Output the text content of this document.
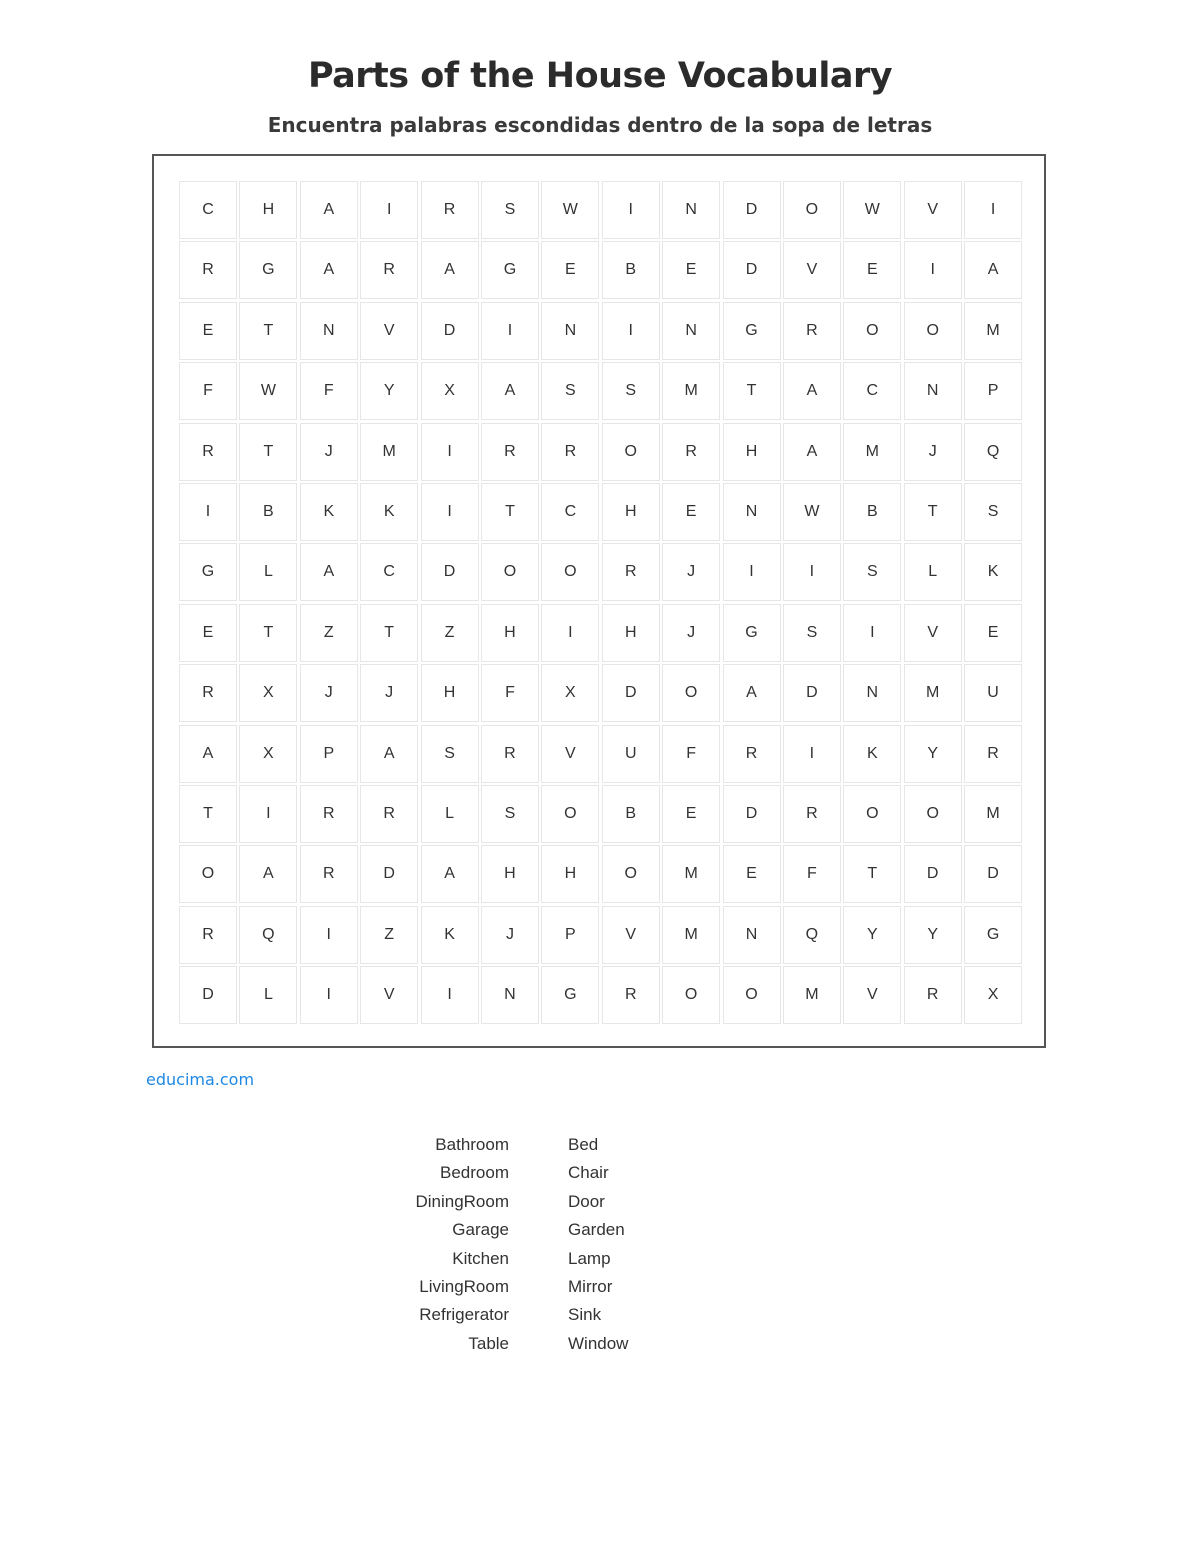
Parts of the House Vocabulary
Encuentra palabras escondidas dentro de la sopa de letras
C	H	A	I	R	S	W	I	N	D	O	W	V	I
R	G	A	R	A	G	E	B	E	D	V	E	I	A
E	T	N	V	D	I	N	I	N	G	R	O	O	M
F	W	F	Y	X	A	S	S	M	T	A	C	N	P
R	T	J	M	I	R	R	O	R	H	A	M	J	Q
I	B	K	K	I	T	C	H	E	N	W	B	T	S
G	L	A	C	D	O	O	R	J	I	I	S	L	K
E	T	Z	T	Z	H	I	H	J	G	S	I	V	E
R	X	J	J	H	F	X	D	O	A	D	N	M	U
A	X	P	A	S	R	V	U	F	R	I	K	Y	R
T	I	R	R	L	S	O	B	E	D	R	O	O	M
O	A	R	D	A	H	H	O	M	E	F	T	D	D
R	Q	I	Z	K	J	P	V	M	N	Q	Y	Y	G
D	L	I	V	I	N	G	R	O	O	M	V	R	X
educima.com
Bathroom	Bed
Bedroom	Chair
DiningRoom	Door
Garage	Garden
Kitchen	Lamp
LivingRoom	Mirror
Refrigerator	Sink
Table	Window
